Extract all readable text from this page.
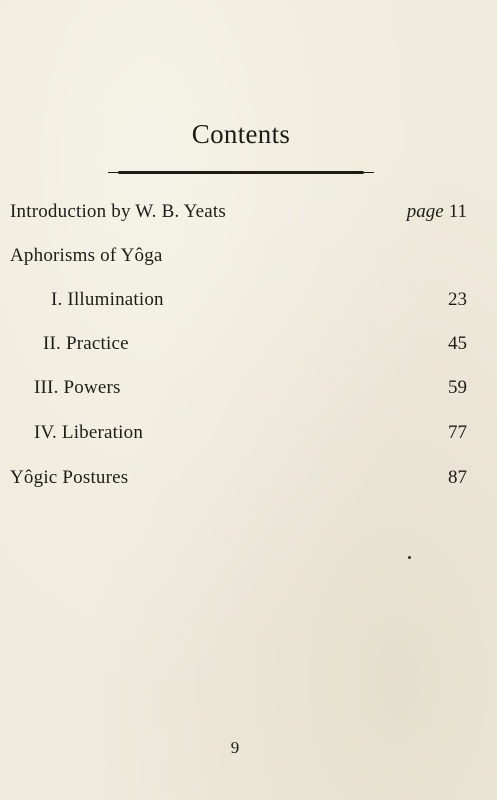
Contents
Introduction by W. B. Yeats	page 11
Aphorisms of Yôga
I. Illumination	23
II. Practice	45
III. Powers	59
IV. Liberation	77
Yôgic Postures	87
9
